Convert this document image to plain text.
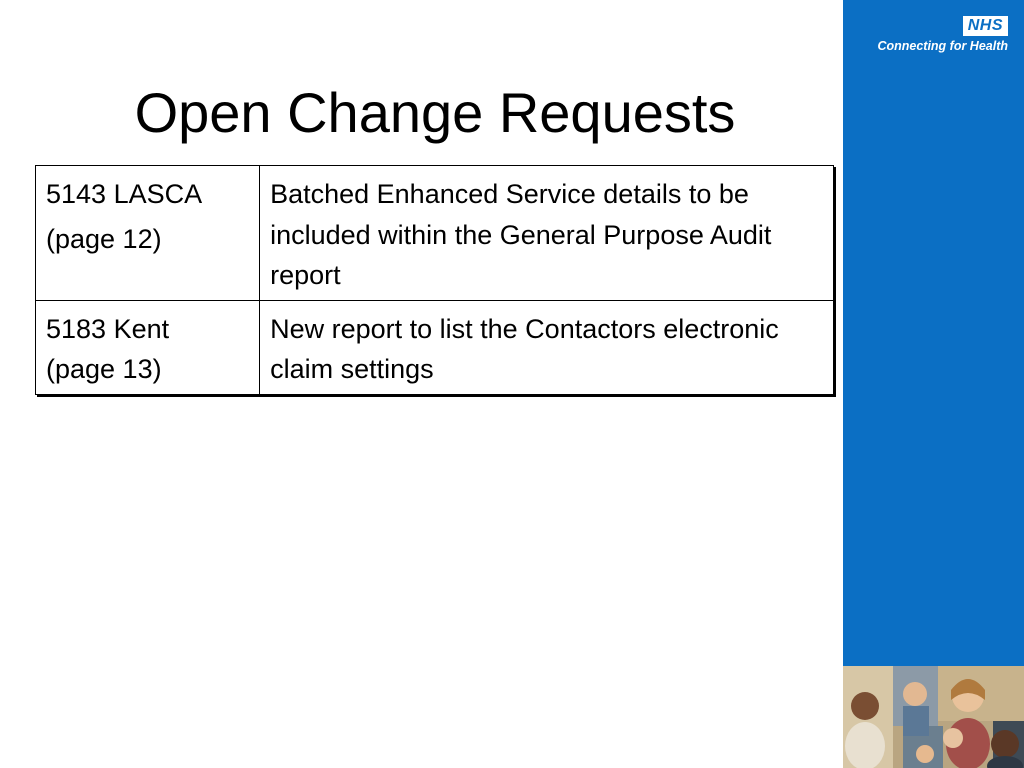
Open Change Requests

5143 LASCA

(page 12)	Batched Enhanced Service details to be included within the General Purpose Audit report

5183 Kent
(page 13)	New report to list the Contactors electronic claim settings
NHS
Connecting for Health
